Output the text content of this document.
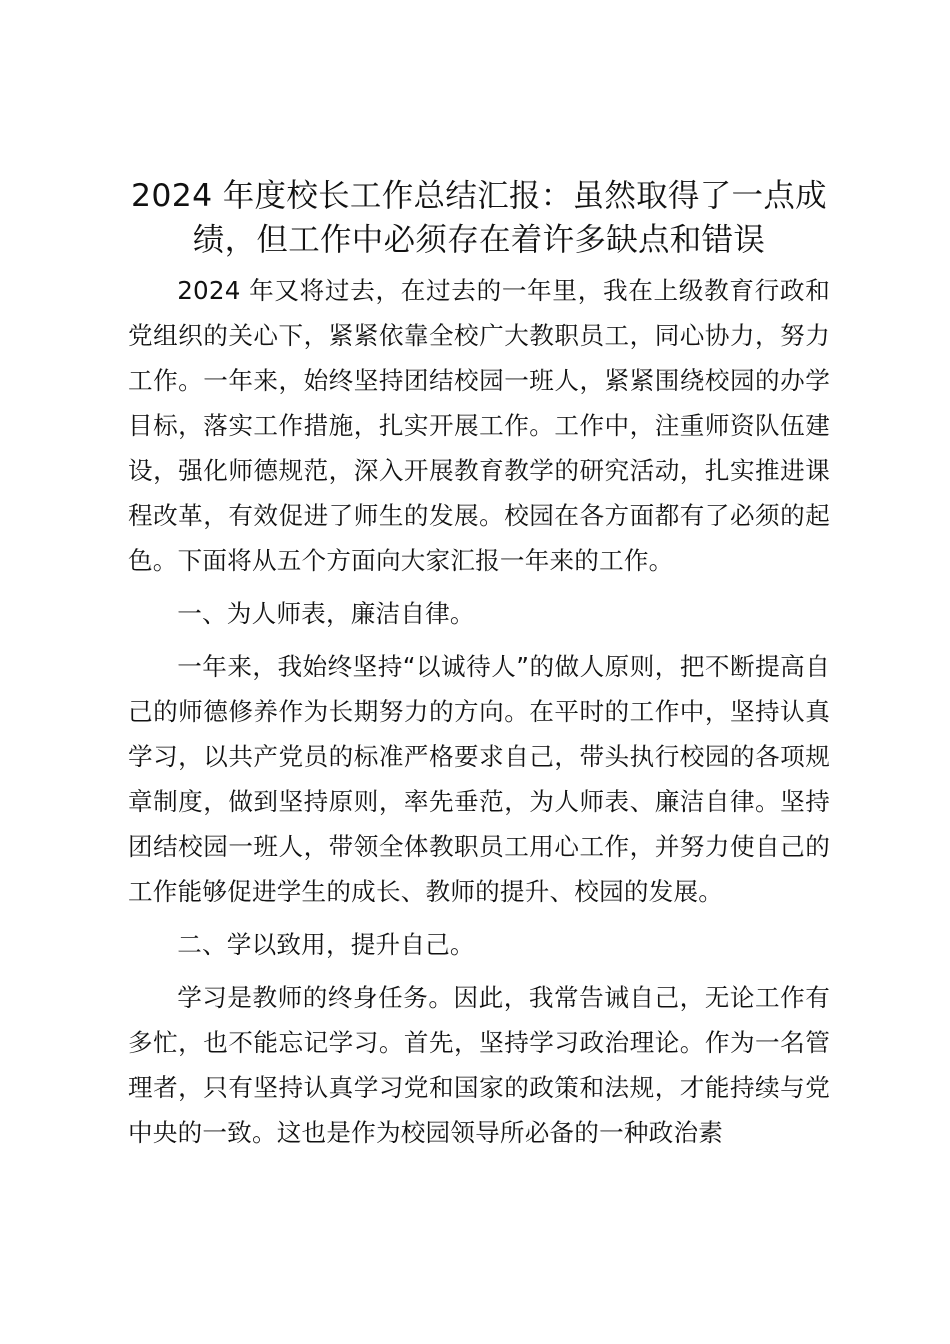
2024 年度校长工作总结汇报：虽然取得了一点成绩，但工作中必须存在着许多缺点和错误

2024 年又将过去，在过去的一年里，我在上级教育行政和党组织的关心下，紧紧依靠全校广大教职员工，同心协力，努力工作。一年来，始终坚持团结校园一班人，紧紧围绕校园的办学目标，落实工作措施，扎实开展工作。工作中，注重师资队伍建设，强化师德规范，深入开展教育教学的研究活动，扎实推进课程改革，有效促进了师生的发展。校园在各方面都有了必须的起色。下面将从五个方面向大家汇报一年来的工作。

一、为人师表，廉洁自律。

一年来，我始终坚持“以诚待人”的做人原则，把不断提高自己的师德修养作为长期努力的方向。在平时的工作中，坚持认真学习，以共产党员的标准严格要求自己，带头执行校园的各项规章制度，做到坚持原则，率先垂范，为人师表、廉洁自律。坚持团结校园一班人，带领全体教职员工用心工作，并努力使自己的工作能够促进学生的成长、教师的提升、校园的发展。

二、学以致用，提升自己。

学习是教师的终身任务。因此，我常告诫自己，无论工作有多忙，也不能忘记学习。首先，坚持学习政治理论。作为一名管理者，只有坚持认真学习党和国家的政策和法规，才能持续与党中央的一致。这也是作为校园领导所必备的一种政治素
